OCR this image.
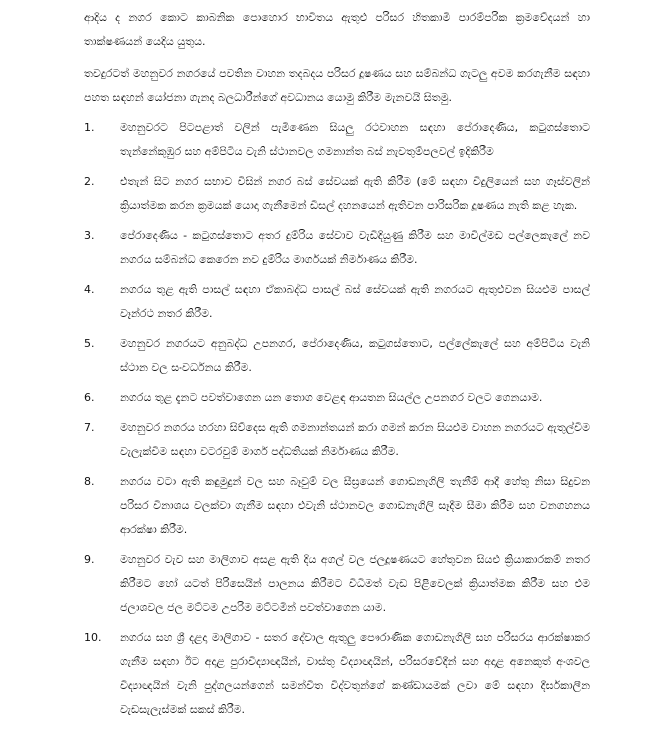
ආදිය ද නගර කොට කාබනික පොහොර භාවිතය ඇතුළු පරිසර හිතකාමී පාරම්පරික ක්‍රමවේදයන් හා තාක්ෂණයන් යෙදිය යුතුය.

තවදුරටත් මහනුවර නගරයේ පවතින වාහන තදබදය පරිසර දූෂණය සහ සම්බන්ධ ගැටලු අවම කරගැනීම සඳහා පහත සඳහන් යෝජනා ගැනද බලධාරීන්ගේ අවධානය යොමු කිරීම මැනවයි සිතමු.

1.	මහනුවරට පිටපළාත් වලින් පැමිණෙන සියලු රථවාහන සඳහා පේරාදෙණිය, කටුගස්තොට තැන්නේකුඹුර සහ අම්පිටිය වැනි ස්ථානවල ගමනාන්ත බස් නැවතුම්පලවල් ඉදිකිරීම
2.	එතැන් සිට නගර සභාව විසින් නගර බස් සේවයක් ඇති කිරීම (මේ සඳහා විදුලියෙන් සහ ගෑස්වලින් ක්‍රියාත්මක කරන ක්‍රමයක් යොදා ගැනීමෙන් ඩීසල් දහනයෙන් ඇතිවන පාරිසරික දූෂණය නැති කළ හැක.
3.	පේරාදෙණිය - කටුගස්තොට අතර දුම්රිය සේවාව වැඩිදියුණු කිරීම සහ මාවිල්මඩ පල්ලෙකැලේ නව නගරය සම්බන්ධ කෙරෙන නව දුම්රිය මාර්ගයක් නිර්මාණය කිරීම.
4.	නගරය තුළ ඇති පාසල් සඳහා ඒකාබද්ධ පාසල් බස් සේවයක් ඇති නගරයට ඇතුළුවන සියළුම පාසල් වෑන්රථ නතර කිරීම.
5.	මහනුවර නගරයට අනුබද්ධ උපනගර, පේරාදෙණිය, කටුගස්තොට, පල්ලේකැලේ සහ අම්පිටිය වැනි ස්ථාන වල සංවර්ධනය කිරීම.
6.	නගරය තුළ දැනට පවත්වාගෙන යන තොග වෙළඳ ආයතන සියල්ල උපනගර වලට ගෙනයාම.
7.	මහනුවර නගරය හරහා සිව්දෙස ඇති ගමනාන්තයන් කරා ගමන් කරන සියළුම වාහන නගරයට ඇතුල්වීම වැලැක්වීම සඳහා වටරවුම් මාර්ග පද්ධතියක් නිර්මාණය කිරීම.
8.	නගරය වටා ඇති කඳුමුදුන් වල සහ බෑවුම් වල සීඝ්‍රයෙන් ගොඩනැගිලි තැනීම් ආදී හේතු නිසා සිදුවන පරිසර විනාශය වලක්වා ගැනීම සඳහා එවැනි ස්ථානවල ගොඩනැගිලි සෑදීම සීමා කිරීම සහ වනගහනය ආරක්ෂා කිරීම.
9.	මහනුවර වැව සහ මාලිගාව අසළ ඇති දිය අගල් වල ජලදූෂණයට හේතුවන සියළු ක්‍රියාකාරකම් නතර කිරීමට හෝ යටත් පිරිසෙයින් පාලනය කිරීමට විධිමත් වැඩ පිළිවෙලක් ක්‍රියාත්මක කිරීම සහ එම ජලාශවල ජල මට්ටම උපරිම මට්ටමින් පවත්වාගෙන යාම.
10.	නගරය සහ ශ්‍රී දළදා මාලිගාව - සතර දේවාල ඇතුලු පෞරාණික ගොඩනැගිලි සහ පරිසරය ආරක්ෂාකර ගැනීම සඳහා ඊට අදාළ පුරාවිද්‍යාඥයින්, වාස්තු විද්‍යාඥයින්, පරිසරවේදීන් සහ අදාළ අනෙකුත් අංශවල විද්‍යාඥයින් වැනි පුද්ගලයන්ගෙන් සමන්විත විද්වතුන්ගේ කණ්ඩායමක් ලවා මේ සඳහා දීර්ඝකාලීන වැඩසැලැස්මක් සකස් කිරීම.
